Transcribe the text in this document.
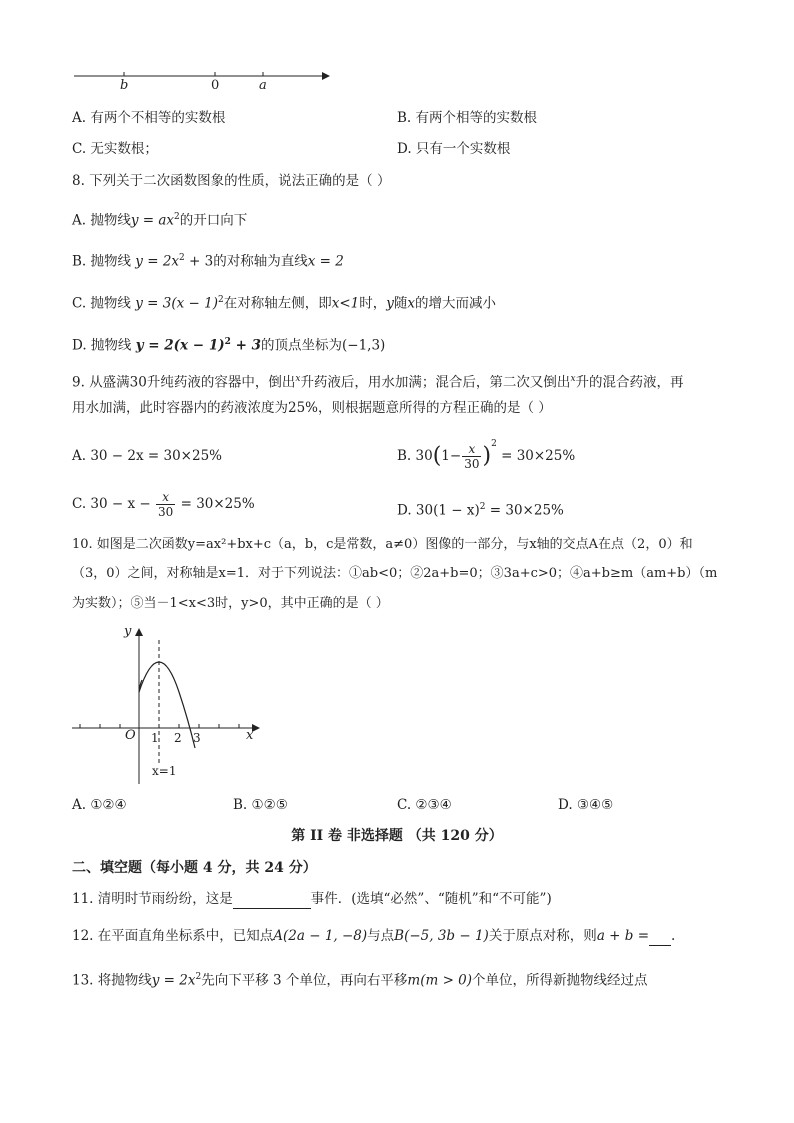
b	0	a
A. 有两个不相等的实数根	B. 有两个相等的实数根
C. 无实数根；	D. 只有一个实数根
8. 下列关于二次函数图象的性质，说法正确的是（ ）
A. 抛物线$y = ax^2$的开口向下
B. 抛物线 $y = 2x^2 + 3$的对称轴为直线x = 2
C. 抛物线 $y = 3(x - 1)^2$在对称轴左侧，即x<1时，y随x的增大而减小
D. 抛物线 $y = 2(x - 1)^2 + 3$的顶点坐标为(−1,3)
9. 从盛满30升纯药液的容器中，倒出$^x$升药液后，用水加满；混合后，第二次又倒出$^x$升的混合药液，再
用水加满，此时容器内的药液浓度为25%，则根据题意所得的方程正确的是（ ）
A. 30 − 2x = 30×25%	B. $30(1- \frac{x}{30} )^2 = 30\times 25\%$
C. $30 - x - \frac{x}{30} = 30\times 25\%$	D. $30(1 - x)^2 = 30\times 25\%$
10. 如图是二次函数y=ax²+bx+c（a，b，c是常数，a≠0）图像的一部分，与x轴的交点A在点（2，0）和
（3，0）之间，对称轴是x=1．对于下列说法：①ab<0；②2a+b=0；③3a+c>0；④a+b≥m（am+b）（m
为实数）；⑤当－1<x<3时，y>0，其中正确的是（ ）
y
x
O 1 2 3
x=1
A. ①②④	B. ①②⑤	C. ②③④	D. ③④⑤
第 II 卷 非选择题 （共 120 分）
二、填空题（每小题 4 分，共 24 分）
11. 清明时节雨纷纷，这是	事件．(选填“必然”、“随机”和“不可能”)
12. 在平面直角坐标系中，已知点A(2a − 1, −8)与点B(−5, 3b − 1)关于原点对称，则a + b = .
13. 将抛物线$y = 2x^2$先向下平移 3 个单位，再向右平移m(m > 0)个单位，所得新抛物线经过点
